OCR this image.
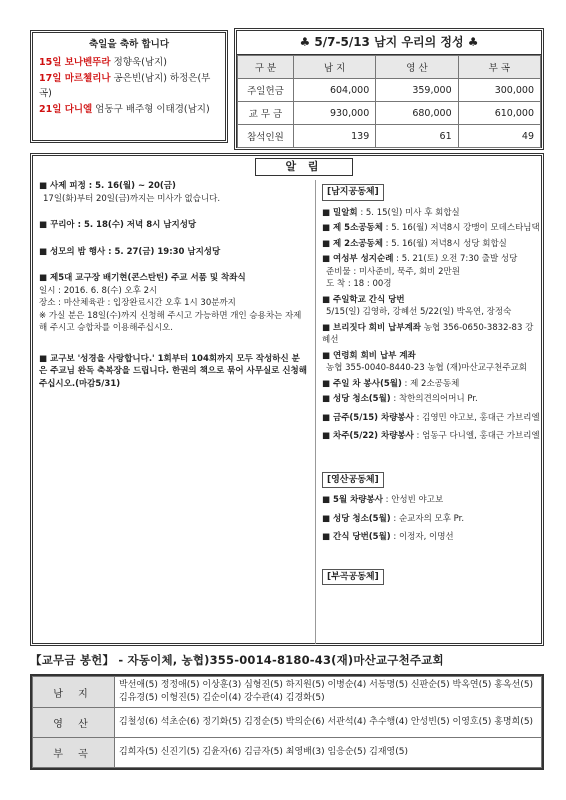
축일을 축하 합니다
15일 보나벤뚜라 정향욱(남지)
17일 마르첼리나 공은빈(남지) 하정은(부곡)
21일 다니엘 엄동구 배주형 이태경(남지)
♣ 5/7-5/13 남지 우리의 정성 ♣
구 분	남 지	영 산	부 곡
주일헌금	604,000	359,000	300,000
교 무 금	930,000	680,000	610,000
참석인원	139	61	49
알 림
■ 사제 피정 : 5. 16(월) ~ 20(금)
17일(화)부터 20일(금)까지는 미사가 없습니다.
■ 꾸리아 : 5. 18(수) 저녁 8시 남지성당
■ 성모의 밤 행사 : 5. 27(금) 19:30 남지성당
■ 제5대 교구장 배기현(콘스탄틴) 주교 서품 및 착좌식
일시 : 2016. 6. 8(수) 오후 2시
장소 : 마산체육관 : 입장완료시간 오후 1시 30분까지
※ 가실 분은 18일(수)까지 신청해 주시고 가능하면 개인 승용차는 자제해 주시고 승합차를 이용해주십시오.
■ 교구보 '성경을 사랑합니다.' 1회부터 104회까지 모두 작성하신 분은 주교님 완독 축복장을 드립니다. 한권의 책으로 묶어 사무실로 신청해 주십시오.(마감5/31)
[남지공동체]
■ 밀알회 : 5. 15(일) 미사 후 회합실
■ 제 5소공동체 : 5. 16(월) 저녁8시 강맹이 모데스타님댁
■ 제 2소공동체 : 5. 16(월) 저녁8시 성당 회합실
■ 여성부 성지순례 : 5. 21(토) 오전 7:30 출발 성당
준비물 : 미사준비, 묵주, 회비 2만원
도 착 : 18 : 00경
■ 주일학교 간식 당번
5/15(일) 김영하, 강혜선 5/22(일) 박옥연, 장정숙
■ 브리짓다 회비 납부계좌 농협 356-0650-3832-83 강혜선
■ 연령회 회비 납부 계좌
농협 355-0040-8440-23 농협 (재)마산교구천주교회
■ 주일 차 봉사(5월) : 제 2소공동체
■ 성당 청소(5월) : 착한의견의어머니 Pr.
■ 금주(5/15) 차량봉사 : 김영민 야고보, 홍대근 가브리엘
■ 차주(5/22) 차량봉사 : 엄동구 다니엘, 홍대근 가브리엘
[영산공동체]
■ 5월 차량봉사 : 안성빈 야고보
■ 성당 청소(5월) : 순교자의 모후 Pr.
■ 간식 당번(5월) : 이정자, 이명선
[부곡공동체]
【교무금 봉헌】 - 자동이체, 농협)355-0014-8180-43(재)마산교구천주교회
남 지	박선애(5) 정정애(5) 이상훈(3) 심형진(5) 하지원(5) 이병순(4) 서동명(5) 신판순(5) 박옥연(5) 홍옥선(5) 김유경(5) 이형진(5) 김순이(4) 강수관(4) 김경화(5)
영 산	김철성(6) 석초순(6) 정기화(5) 김정순(5) 박의순(6) 서관석(4) 추수행(4) 안성빈(5) 이영호(5) 홍명희(5)
부 곡	김희자(5) 신진기(5) 김윤자(6) 김금자(5) 최영배(3) 임응순(5) 김재영(5)
